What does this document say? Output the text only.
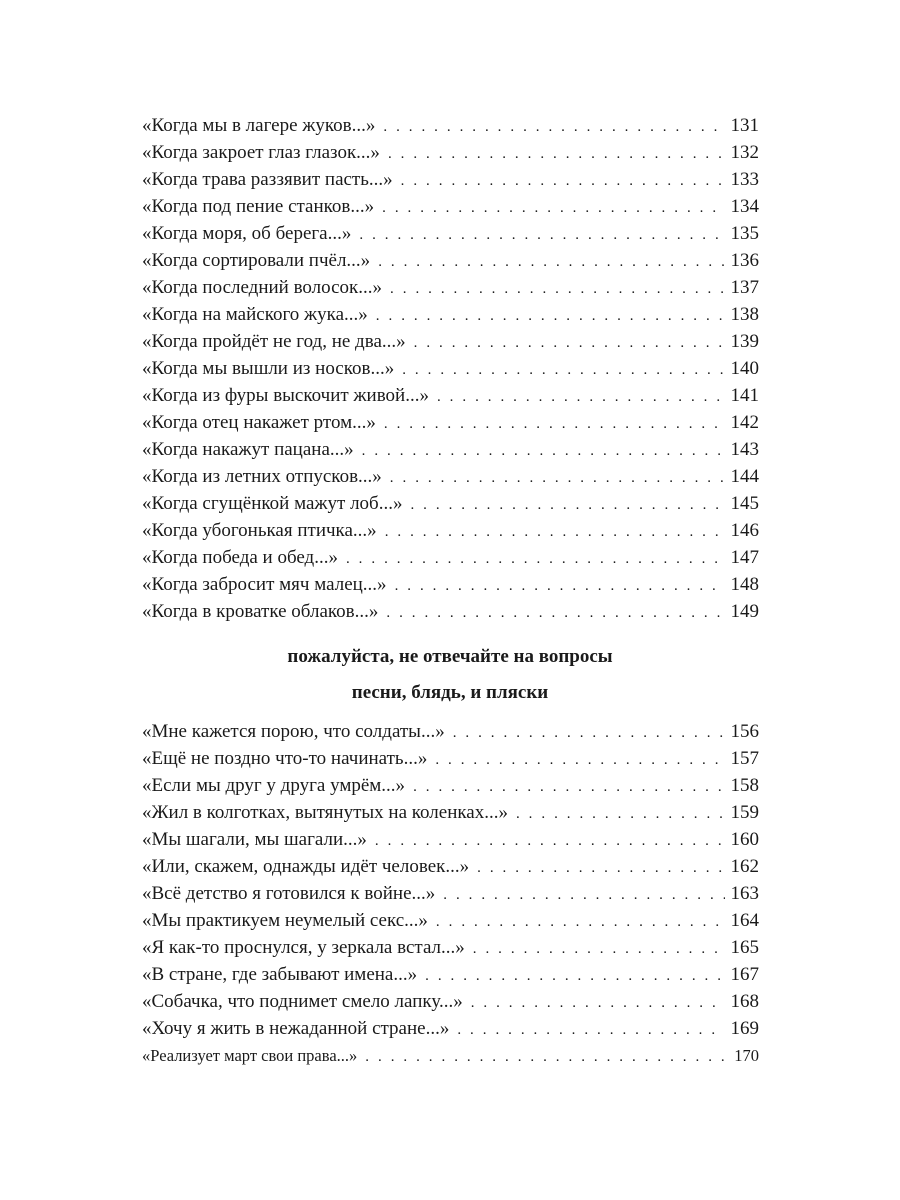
«Когда мы в лагере жуков...» . . .	131
«Когда закроет глаз глазок...» . . .	132
«Когда трава раззявит пасть...» . . .	133
«Когда под пение станков...» . . .	134
«Когда моря, об берега...» . . .	135
«Когда сортировали пчёл...» . . .	136
«Когда последний волосок...» . . .	137
«Когда на майского жука...» . . .	138
«Когда пройдёт не год, не два...» . . .	139
«Когда мы вышли из носков...» . . .	140
«Когда из фуры выскочит живой...» . . .	141
«Когда отец накажет ртом...» . . .	142
«Когда накажут пацана...» . . .	143
«Когда из летних отпусков...» . . .	144
«Когда сгущёнкой мажут лоб...» . . .	145
«Когда убогонькая птичка...» . . .	146
«Когда победа и обед...» . . .	147
«Когда забросит мяч малец...» . . .	148
«Когда в кроватке облаков...» . . .	149
пожалуйста, не отвечайте на вопросы
песни, блядь, и пляски
«Мне кажется порою, что солдаты...» . . .	156
«Ещё не поздно что-то начинать...» . . .	157
«Если мы друг у друга умрём...» . . .	158
«Жил в колготках, вытянутых на коленках...» . . .	159
«Мы шагали, мы шагали...» . . .	160
«Или, скажем, однажды идёт человек...» . . .	162
«Всё детство я готовился к войне...» . . .	163
«Мы практикуем неумелый секс...» . . .	164
«Я как-то проснулся, у зеркала встал...» . . .	165
«В стране, где забывают имена...» . . .	167
«Собачка, что поднимет смело лапку...» . . .	168
«Хочу я жить в нежаданной стране...» . . .	169
«Реализует март свои права...» . . .	170
